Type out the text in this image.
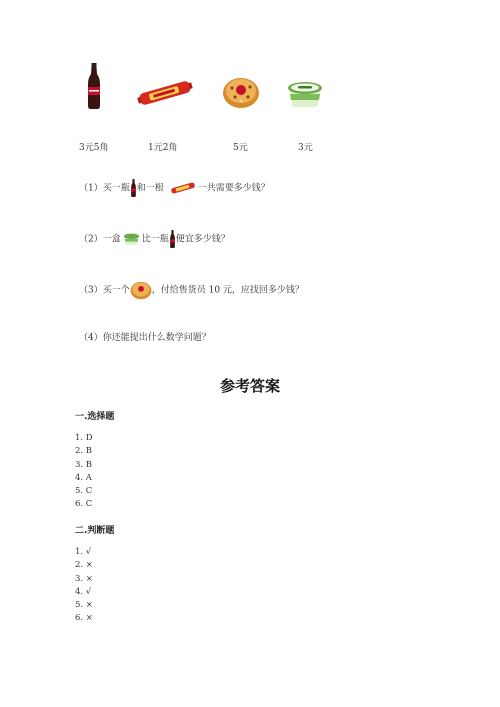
3元5角	1元2角	5元	3元
（1）买一瓶 和一根	一共需要多少钱？
（2）一盒 比一瓶 便宜多少钱？
（3）买一个 ，付给售货员 10 元，应找回多少钱？
（4）你还能提出什么数学问题？
参考答案
一.选择题
1. D
2. B
3. B
4. A
5. C
6. C
二.判断题
1. √
2. ×
3. ×
4. √
5. ×
6. ×
